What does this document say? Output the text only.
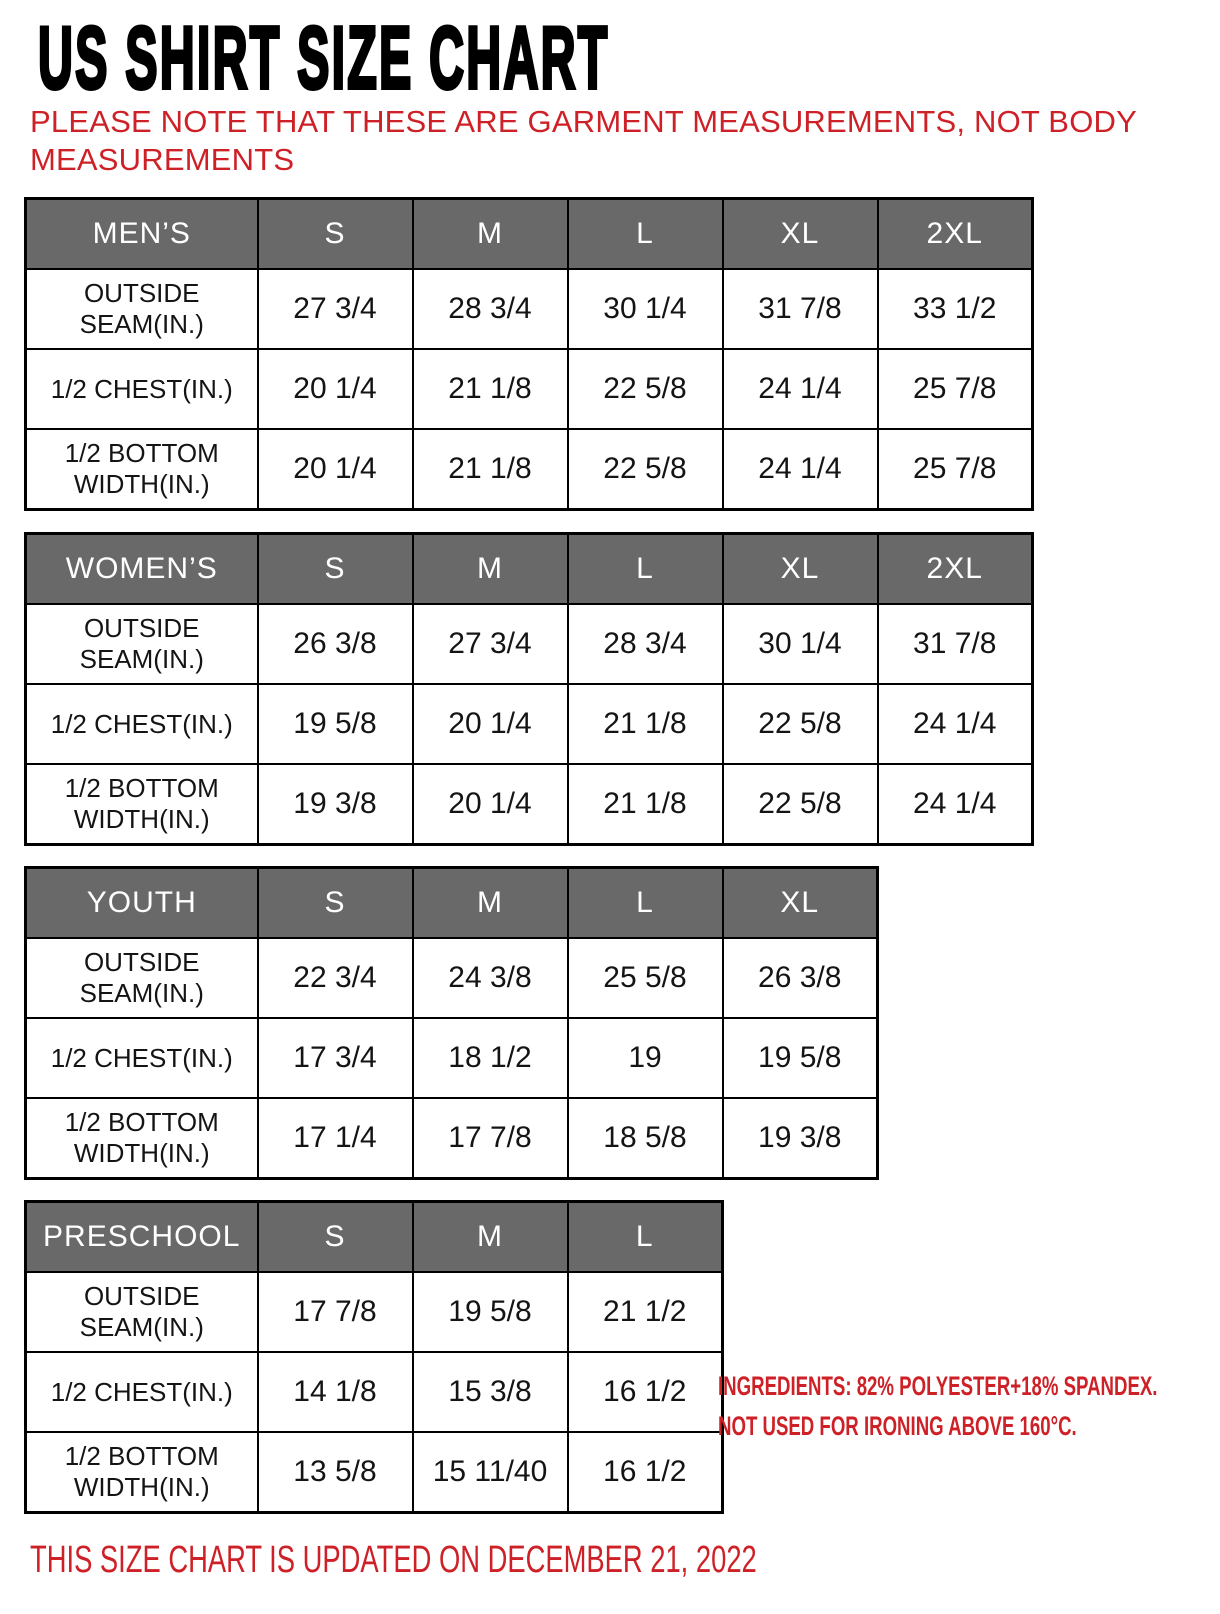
US SHIRT SIZE CHART

PLEASE NOTE THAT THESE ARE GARMENT MEASUREMENTS, NOT BODY MEASUREMENTS

MEN’S	S	M	L	XL	2XL
OUTSIDE SEAM(IN.)	27 3/4	28 3/4	30 1/4	31 7/8	33 1/2
1/2 CHEST(IN.)	20 1/4	21 1/8	22 5/8	24 1/4	25 7/8
1/2 BOTTOM WIDTH(IN.)	20 1/4	21 1/8	22 5/8	24 1/4	25 7/8
WOMEN’S	S	M	L	XL	2XL
OUTSIDE SEAM(IN.)	26 3/8	27 3/4	28 3/4	30 1/4	31 7/8
1/2 CHEST(IN.)	19 5/8	20 1/4	21 1/8	22 5/8	24 1/4
1/2 BOTTOM WIDTH(IN.)	19 3/8	20 1/4	21 1/8	22 5/8	24 1/4
YOUTH	S	M	L	XL
OUTSIDE SEAM(IN.)	22 3/4	24 3/8	25 5/8	26 3/8
1/2 CHEST(IN.)	17 3/4	18 1/2	19	19 5/8
1/2 BOTTOM WIDTH(IN.)	17 1/4	17 7/8	18 5/8	19 3/8
PRESCHOOL	S	M	L
OUTSIDE SEAM(IN.)	17 7/8	19 5/8	21 1/2
1/2 CHEST(IN.)	14 1/8	15 3/8	16 1/2
1/2 BOTTOM WIDTH(IN.)	13 5/8	15 11/40	16 1/2
INGREDIENTS: 82% POLYESTER+18% SPANDEX.
NOT USED FOR IRONING ABOVE 160°C.

THIS SIZE CHART IS UPDATED ON DECEMBER 21, 2022
